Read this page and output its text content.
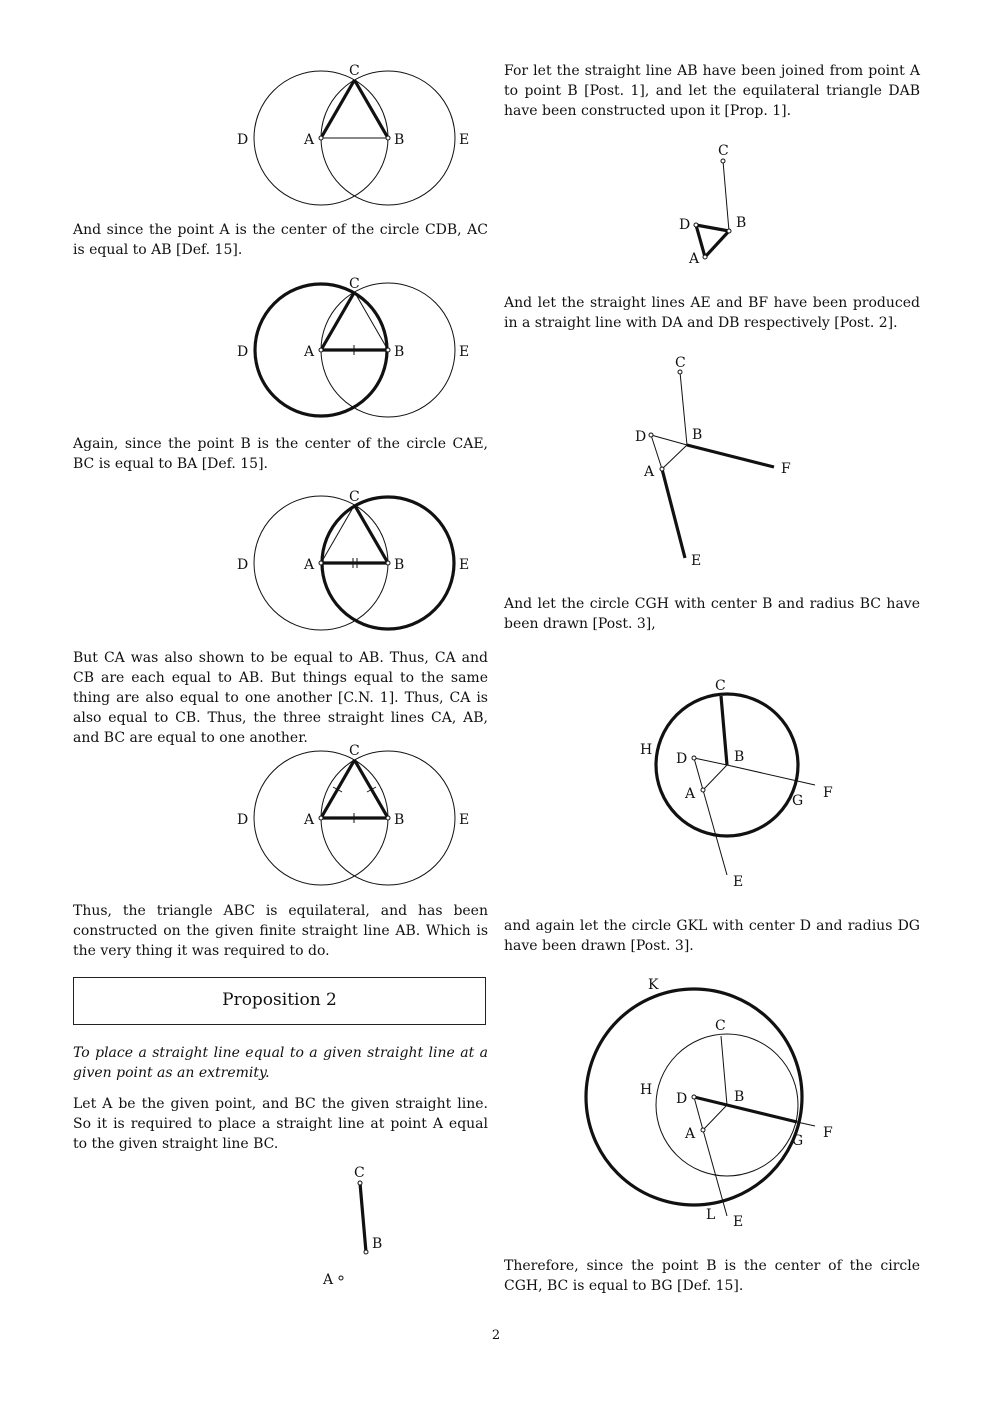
C
D	A	B	E

And since the point A is the center of the circle CDB, AC is equal to AB [Def. 15].

C
D	A	B	E

Again, since the point B is the center of the circle CAE, BC is equal to BA [Def. 15].

C
D	A	B	E

But CA was also shown to be equal to AB. Thus, CA and CB are each equal to AB. But things equal to the same thing are also equal to one another [C.N. 1]. Thus, CA is also equal to CB. Thus, the three straight lines CA, AB, and BC are equal to one another.

C
D	A	B	E

Thus, the triangle ABC is equilateral, and has been constructed on the given finite straight line AB. Which is the very thing it was required to do.

Proposition 2

To place a straight line equal to a given straight line at a given point as an extremity.

Let A be the given point, and BC the given straight line. So it is required to place a straight line at point A equal to the given straight line BC.

C
B
A

For let the straight line AB have been joined from point A to point B [Post. 1], and let the equilateral triangle DAB have been constructed upon it [Prop. 1].

C
B
D
A

And let the straight lines AE and BF have been produced in a straight line with DA and DB respectively [Post. 2].

C
B
D
A	F
E

And let the circle CGH with center B and radius BC have been drawn [Post. 3],

C
H
D	B
A	G F
E

and again let the circle GKL with center D and radius DG have been drawn [Post. 3].

K
C
H
D	B
A	G F
L E

Therefore, since the point B is the center of the circle CGH, BC is equal to BG [Def. 15].

2
